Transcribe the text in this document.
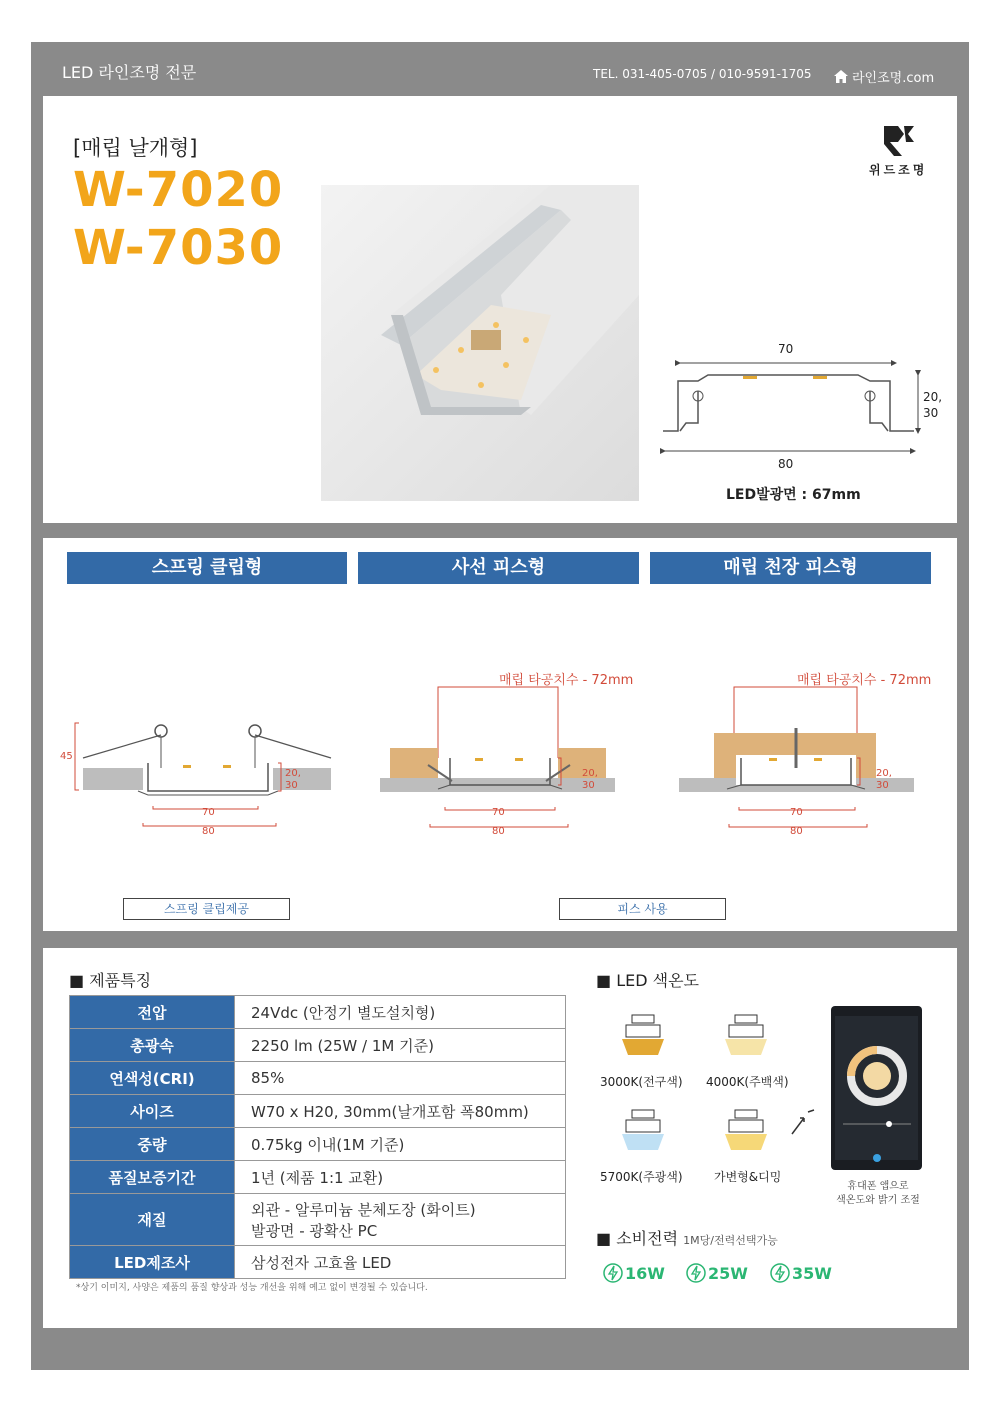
LED 라인조명 전문	TEL. 031-405-0705 / 010-9591-1705	라인조명.com
[매립 날개형]
W-7020
W-7030
위드조명
70
20,
30
80
LED발광면 : 67mm
스프링 클립형	사선 피스형	매립 천장 피스형
45
20,
30
70
80
매립 타공치수 - 72mm
20,
30
70
80
매립 타공치수 - 72mm
20,
30
70
80
스프링 클립제공	피스 사용
■ 제품특징
전압	24Vdc (안정기 별도설치형)
총광속	2250 lm (25W / 1M 기준)
연색성(CRI)	85%
사이즈	W70 x H20, 30mm(날개포함 폭80mm)
중량	0.75kg 이내(1M 기준)
품질보증기간	1년 (제품 1:1 교환)
재질	외관 - 알루미늄 분체도장 (화이트)
발광면 - 광확산 PC

LED제조사	삼성전자 고효율 LED
*상기 이미지, 사양은 제품의 품질 향상과 성능 개선을 위해 예고 없이 변경될 수 있습니다.
■ LED 색온도
3000K(전구색) 4000K(주백색)
5700K(주광색)	가변형&디밍
휴대폰 앱으로
색온도와 밝기 조절
■ 소비전력 1M당/전력선택가능
16W	25W	35W
